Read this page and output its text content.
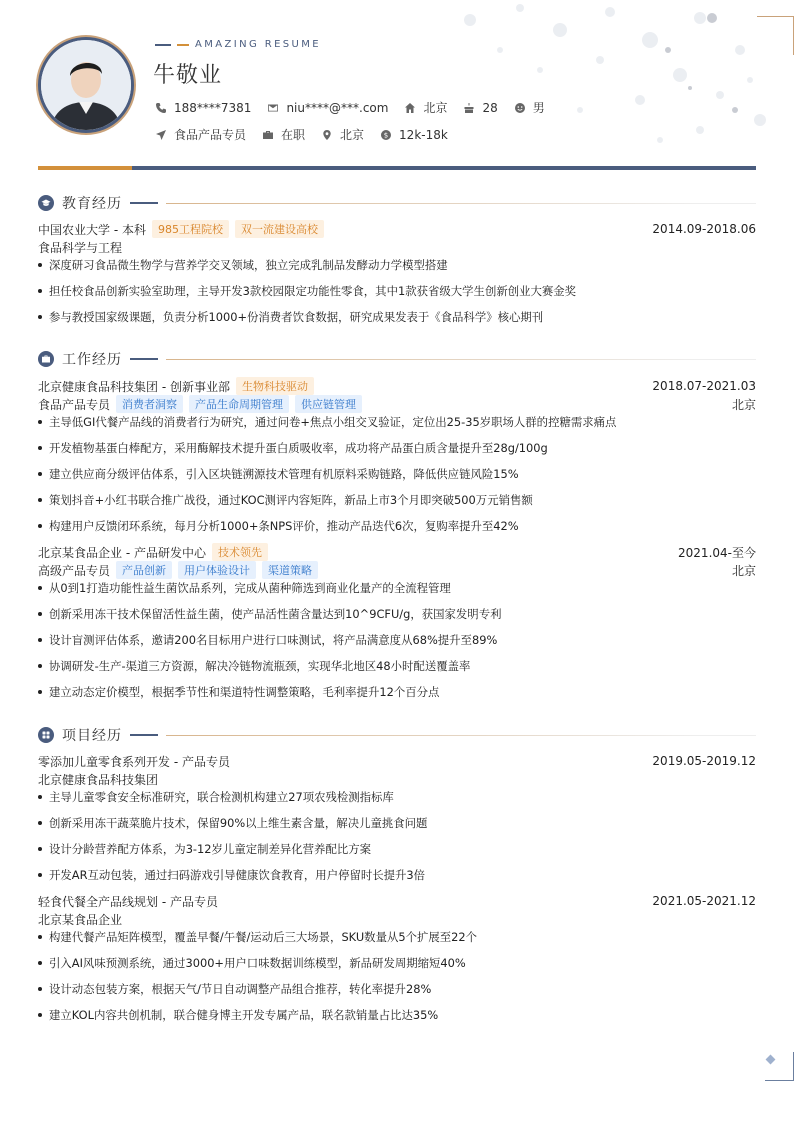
AMAZING RESUME
牛敬业
188****7381	niu****@***.com	北京	28	男
食品产品专员	在职	北京	$ 12k-18k
教育经历
中国农业大学 - 本科	985工程院校	双一流建设高校	2014.09-2018.06
食品科学与工程
深度研习食品微生物学与营养学交叉领域，独立完成乳制品发酵动力学模型搭建
担任校食品创新实验室助理，主导开发3款校园限定功能性零食，其中1款获省级大学生创新创业大赛金奖
参与教授国家级课题，负责分析1000+份消费者饮食数据，研究成果发表于《食品科学》核心期刊
工作经历
北京健康食品科技集团 - 创新事业部	生物科技驱动	2018.07-2021.03
食品产品专员	消费者洞察	产品生命周期管理	供应链管理	北京
主导低GI代餐产品线的消费者行为研究，通过问卷+焦点小组交叉验证，定位出25-35岁职场人群的控糖需求痛点
开发植物基蛋白棒配方，采用酶解技术提升蛋白质吸收率，成功将产品蛋白质含量提升至28g/100g
建立供应商分级评估体系，引入区块链溯源技术管理有机原料采购链路，降低供应链风险15%
策划抖音+小红书联合推广战役，通过KOC测评内容矩阵，新品上市3个月即突破500万元销售额
构建用户反馈闭环系统，每月分析1000+条NPS评价，推动产品迭代6次，复购率提升至42%
北京某食品企业 - 产品研发中心	技术领先	2021.04-至今
高级产品专员	产品创新	用户体验设计	渠道策略	北京
从0到1打造功能性益生菌饮品系列，完成从菌种筛选到商业化量产的全流程管理
创新采用冻干技术保留活性益生菌，使产品活性菌含量达到10^9CFU/g，获国家发明专利
设计盲测评估体系，邀请200名目标用户进行口味测试，将产品满意度从68%提升至89%
协调研发-生产-渠道三方资源，解决冷链物流瓶颈，实现华北地区48小时配送覆盖率
建立动态定价模型，根据季节性和渠道特性调整策略，毛利率提升12个百分点
项目经历
零添加儿童零食系列开发 - 产品专员	2019.05-2019.12
北京健康食品科技集团
主导儿童零食安全标准研究，联合检测机构建立27项农残检测指标库
创新采用冻干蔬菜脆片技术，保留90%以上维生素含量，解决儿童挑食问题
设计分龄营养配方体系，为3-12岁儿童定制差异化营养配比方案
开发AR互动包装，通过扫码游戏引导健康饮食教育，用户停留时长提升3倍
轻食代餐全产品线规划 - 产品专员	2021.05-2021.12
北京某食品企业
构建代餐产品矩阵模型，覆盖早餐/午餐/运动后三大场景，SKU数量从5个扩展至22个
引入AI风味预测系统，通过3000+用户口味数据训练模型，新品研发周期缩短40%
设计动态包装方案，根据天气/节日自动调整产品组合推荐，转化率提升28%
建立KOL内容共创机制，联合健身博主开发专属产品，联名款销量占比达35%
